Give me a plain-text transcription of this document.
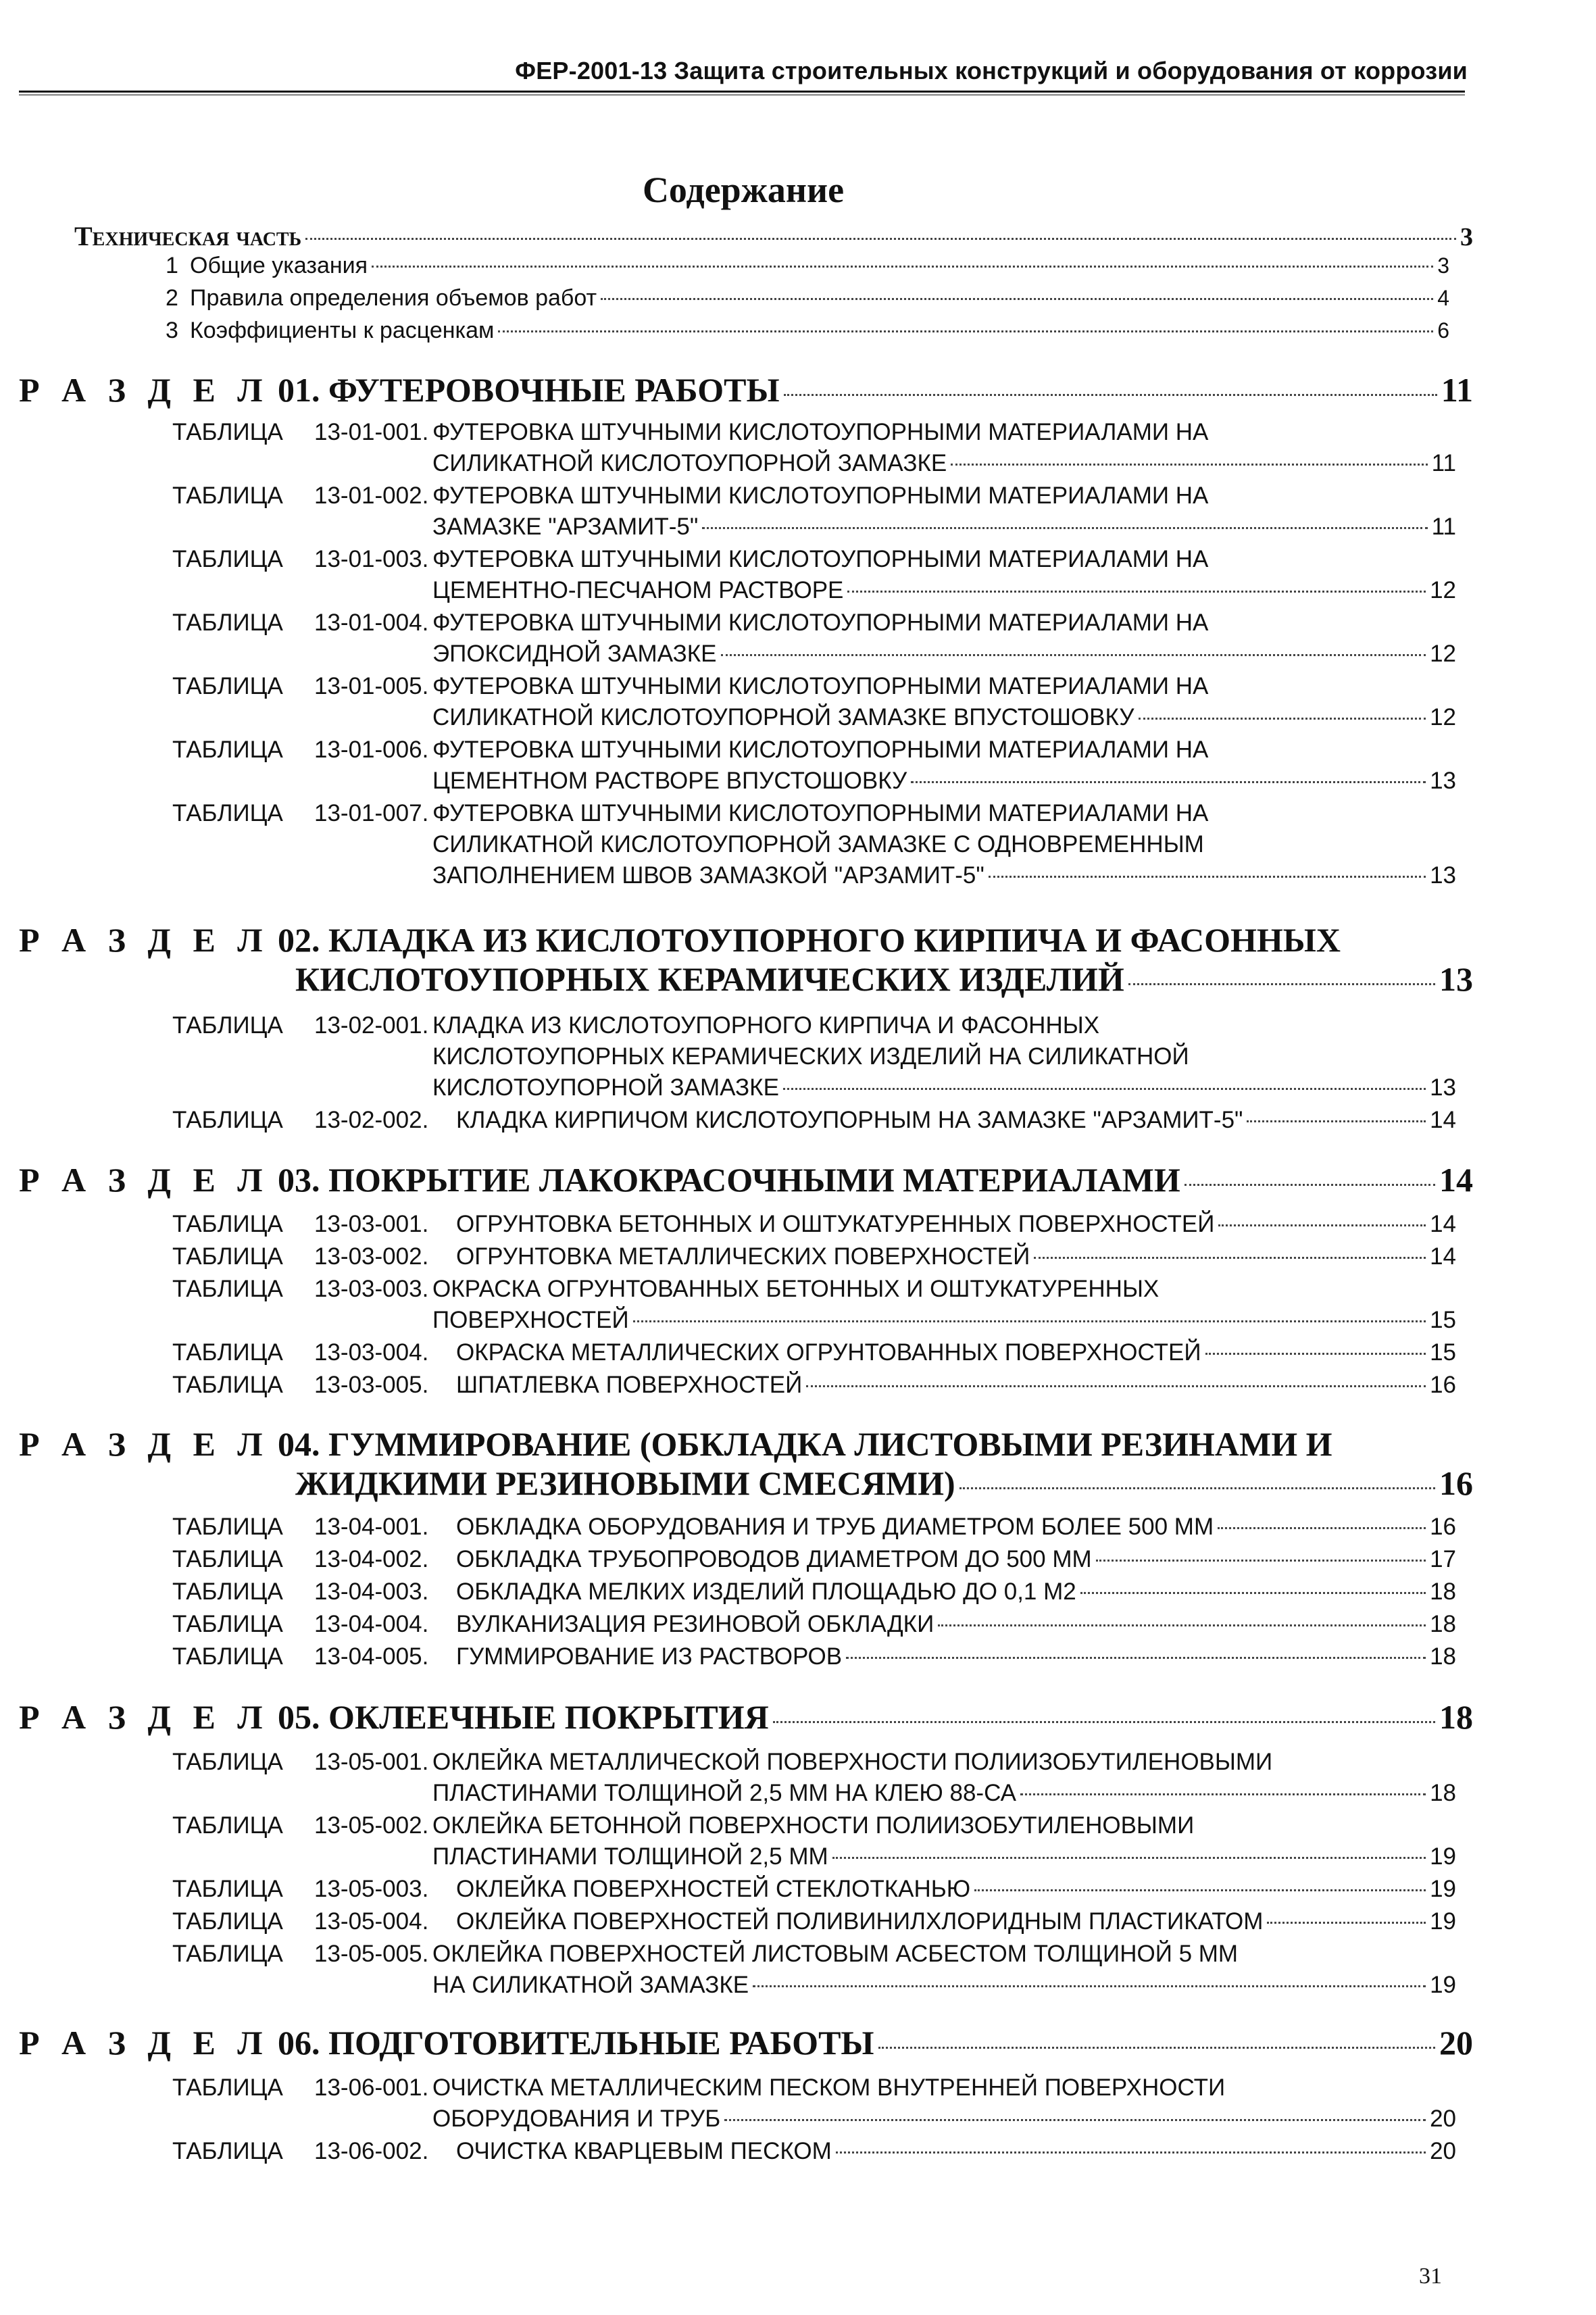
ФЕР-2001-13 Защита строительных конструкций и оборудования от коррозии
Содержание
Техническая часть	3
1 Общие указания	3
2 Правила определения объемов работ	4
3 Коэффициенты к расценкам	6
Р А З Д Е Л 01. ФУТЕРОВОЧНЫЕ РАБОТЫ	11
ТАБЛИЦА 13-01-001. ФУТЕРОВКА ШТУЧНЫМИ КИСЛОТОУПОРНЫМИ МАТЕРИАЛАМИ НА
СИЛИКАТНОЙ КИСЛОТОУПОРНОЙ ЗАМАЗКЕ	11
ТАБЛИЦА 13-01-002. ФУТЕРОВКА ШТУЧНЫМИ КИСЛОТОУПОРНЫМИ МАТЕРИАЛАМИ НА
ЗАМАЗКЕ "АРЗАМИТ-5"	11
ТАБЛИЦА 13-01-003. ФУТЕРОВКА ШТУЧНЫМИ КИСЛОТОУПОРНЫМИ МАТЕРИАЛАМИ НА
ЦЕМЕНТНО-ПЕСЧАНОМ РАСТВОРЕ	12
ТАБЛИЦА 13-01-004. ФУТЕРОВКА ШТУЧНЫМИ КИСЛОТОУПОРНЫМИ МАТЕРИАЛАМИ НА
ЭПОКСИДНОЙ ЗАМАЗКЕ	12
ТАБЛИЦА 13-01-005. ФУТЕРОВКА ШТУЧНЫМИ КИСЛОТОУПОРНЫМИ МАТЕРИАЛАМИ НА
СИЛИКАТНОЙ КИСЛОТОУПОРНОЙ ЗАМАЗКЕ ВПУСТОШОВКУ	12
ТАБЛИЦА 13-01-006. ФУТЕРОВКА ШТУЧНЫМИ КИСЛОТОУПОРНЫМИ МАТЕРИАЛАМИ НА
ЦЕМЕНТНОМ РАСТВОРЕ ВПУСТОШОВКУ	13
ТАБЛИЦА 13-01-007. ФУТЕРОВКА ШТУЧНЫМИ КИСЛОТОУПОРНЫМИ МАТЕРИАЛАМИ НА
СИЛИКАТНОЙ КИСЛОТОУПОРНОЙ ЗАМАЗКЕ С ОДНОВРЕМЕННЫМ
ЗАПОЛНЕНИЕМ ШВОВ ЗАМАЗКОЙ "АРЗАМИТ-5"	13
Р А З Д Е Л 02. КЛАДКА ИЗ КИСЛОТОУПОРНОГО КИРПИЧА И ФАСОННЫХ
КИСЛОТОУПОРНЫХ КЕРАМИЧЕСКИХ ИЗДЕЛИЙ	13
ТАБЛИЦА 13-02-001. КЛАДКА ИЗ КИСЛОТОУПОРНОГО КИРПИЧА И ФАСОННЫХ
КИСЛОТОУПОРНЫХ КЕРАМИЧЕСКИХ ИЗДЕЛИЙ НА СИЛИКАТНОЙ
КИСЛОТОУПОРНОЙ ЗАМАЗКЕ	13
ТАБЛИЦА 13-02-002. КЛАДКА КИРПИЧОМ КИСЛОТОУПОРНЫМ НА ЗАМАЗКЕ "АРЗАМИТ-5"	14
Р А З Д Е Л 03. ПОКРЫТИЕ ЛАКОКРАСОЧНЫМИ МАТЕРИАЛАМИ	14
ТАБЛИЦА 13-03-001. ОГРУНТОВКА БЕТОННЫХ И ОШТУКАТУРЕННЫХ ПОВЕРХНОСТЕЙ	14
ТАБЛИЦА 13-03-002. ОГРУНТОВКА МЕТАЛЛИЧЕСКИХ ПОВЕРХНОСТЕЙ	14
ТАБЛИЦА 13-03-003. ОКРАСКА ОГРУНТОВАННЫХ БЕТОННЫХ И ОШТУКАТУРЕННЫХ
ПОВЕРХНОСТЕЙ	15
ТАБЛИЦА 13-03-004. ОКРАСКА МЕТАЛЛИЧЕСКИХ ОГРУНТОВАННЫХ ПОВЕРХНОСТЕЙ	15
ТАБЛИЦА 13-03-005. ШПАТЛЕВКА ПОВЕРХНОСТЕЙ	16
Р А З Д Е Л 04. ГУММИРОВАНИЕ (ОБКЛАДКА ЛИСТОВЫМИ РЕЗИНАМИ И
ЖИДКИМИ РЕЗИНОВЫМИ СМЕСЯМИ)	16
ТАБЛИЦА 13-04-001. ОБКЛАДКА ОБОРУДОВАНИЯ И ТРУБ ДИАМЕТРОМ БОЛЕЕ 500 ММ	16
ТАБЛИЦА 13-04-002. ОБКЛАДКА ТРУБОПРОВОДОВ ДИАМЕТРОМ ДО 500 ММ	17
ТАБЛИЦА 13-04-003. ОБКЛАДКА МЕЛКИХ ИЗДЕЛИЙ ПЛОЩАДЬЮ ДО 0,1 М2	18
ТАБЛИЦА 13-04-004. ВУЛКАНИЗАЦИЯ РЕЗИНОВОЙ ОБКЛАДКИ	18
ТАБЛИЦА 13-04-005. ГУММИРОВАНИЕ ИЗ РАСТВОРОВ	18
Р А З Д Е Л 05. ОКЛЕЕЧНЫЕ ПОКРЫТИЯ	18
ТАБЛИЦА 13-05-001. ОКЛЕЙКА МЕТАЛЛИЧЕСКОЙ ПОВЕРХНОСТИ ПОЛИИЗОБУТИЛЕНОВЫМИ
ПЛАСТИНАМИ ТОЛЩИНОЙ 2,5 ММ НА КЛЕЮ 88-СА	18
ТАБЛИЦА 13-05-002. ОКЛЕЙКА БЕТОННОЙ ПОВЕРХНОСТИ ПОЛИИЗОБУТИЛЕНОВЫМИ
ПЛАСТИНАМИ ТОЛЩИНОЙ 2,5 ММ	19
ТАБЛИЦА 13-05-003. ОКЛЕЙКА ПОВЕРХНОСТЕЙ СТЕКЛОТКАНЬЮ	19
ТАБЛИЦА 13-05-004. ОКЛЕЙКА ПОВЕРХНОСТЕЙ ПОЛИВИНИЛХЛОРИДНЫМ ПЛАСТИКАТОМ	19
ТАБЛИЦА 13-05-005. ОКЛЕЙКА ПОВЕРХНОСТЕЙ ЛИСТОВЫМ АСБЕСТОМ ТОЛЩИНОЙ 5 ММ
НА СИЛИКАТНОЙ ЗАМАЗКЕ	19
Р А З Д Е Л 06. ПОДГОТОВИТЕЛЬНЫЕ РАБОТЫ	20
ТАБЛИЦА 13-06-001. ОЧИСТКА МЕТАЛЛИЧЕСКИМ ПЕСКОМ ВНУТРЕННЕЙ ПОВЕРХНОСТИ
ОБОРУДОВАНИЯ И ТРУБ	20
ТАБЛИЦА 13-06-002. ОЧИСТКА КВАРЦЕВЫМ ПЕСКОМ	20
31
